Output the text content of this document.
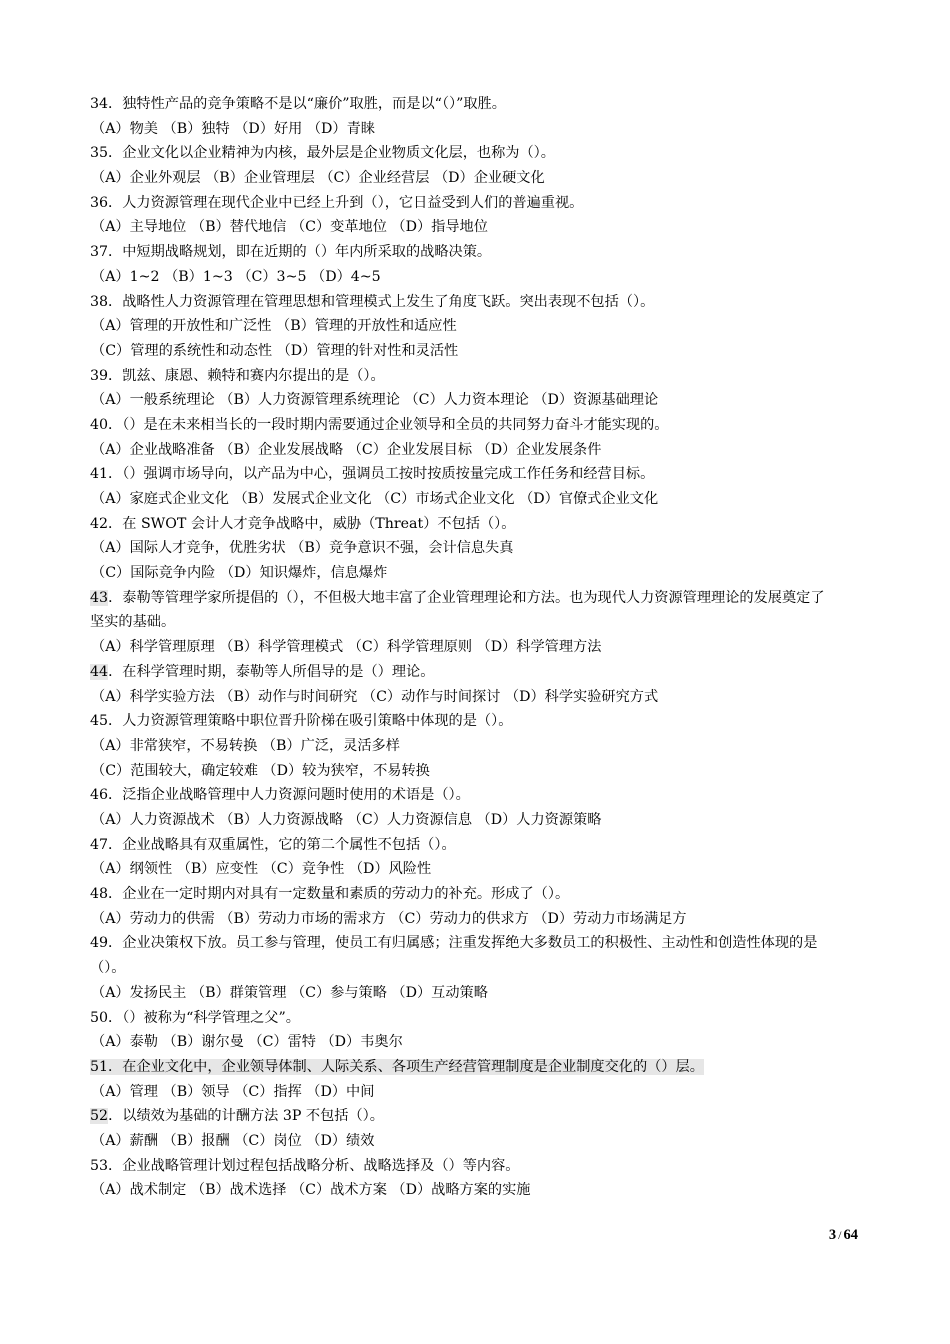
34．独特性产品的竞争策略不是以“廉价”取胜，而是以“（）”取胜。
（A）物美 （B）独特 （D）好用 （D）青睐
35．企业文化以企业精神为内核，最外层是企业物质文化层，也称为（）。
（A）企业外观层 （B）企业管理层 （C）企业经营层 （D）企业硬文化
36．人力资源管理在现代企业中已经上升到（），它日益受到人们的普遍重视。
（A）主导地位 （B）替代地信 （C）变革地位 （D）指导地位
37．中短期战略规划，即在近期的（）年内所采取的战略决策。
（A）1~2 （B）1~3 （C）3~5 （D）4~5
38．战略性人力资源管理在管理思想和管理模式上发生了角度飞跃。突出表现不包括（）。
（A）管理的开放性和广泛性 （B）管理的开放性和适应性
（C）管理的系统性和动态性 （D）管理的针对性和灵活性
39．凯兹、康恩、赖特和赛内尔提出的是（）。
（A）一般系统理论 （B）人力资源管理系统理论 （C）人力资本理论 （D）资源基础理论
40．（）是在未来相当长的一段时期内需要通过企业领导和全员的共同努力奋斗才能实现的。
（A）企业战略准备 （B）企业发展战略 （C）企业发展目标 （D）企业发展条件
41．（）强调市场导向，以产品为中心，强调员工按时按质按量完成工作任务和经营目标。
（A）家庭式企业文化 （B）发展式企业文化 （C）市场式企业文化 （D）官僚式企业文化
42．在 SWOT 会计人才竞争战略中，威胁（Threat）不包括（）。
（A）国际人才竞争，优胜劣状 （B）竞争意识不强，会计信息失真
（C）国际竞争内险 （D）知识爆炸，信息爆炸
43．泰勒等管理学家所提倡的（），不但极大地丰富了企业管理理论和方法。也为现代人力资源管理理论的发展奠定了坚实的基础。
（A）科学管理原理 （B）科学管理模式 （C）科学管理原则 （D）科学管理方法
44．在科学管理时期，泰勒等人所倡导的是（）理论。
（A）科学实验方法 （B）动作与时间研究 （C）动作与时间探讨 （D）科学实验研究方式
45．人力资源管理策略中职位晋升阶梯在吸引策略中体现的是（）。
（A）非常狭窄，不易转换 （B）广泛，灵活多样
（C）范围较大，确定较难 （D）较为狭窄，不易转换
46．泛指企业战略管理中人力资源问题时使用的术语是（）。
（A）人力资源战术 （B）人力资源战略 （C）人力资源信息 （D）人力资源策略
47．企业战略具有双重属性，它的第二个属性不包括（）。
（A）纲领性 （B）应变性 （C）竞争性 （D）风险性
48．企业在一定时期内对具有一定数量和素质的劳动力的补充。形成了（）。
（A）劳动力的供需 （B）劳动力市场的需求方 （C）劳动力的供求方 （D）劳动力市场满足方
49．企业决策权下放。员工参与管理，使员工有归属感；注重发挥绝大多数员工的积极性、主动性和创造性体现的是（）。
（A）发扬民主 （B）群策管理 （C）参与策略 （D）互动策略
50．（）被称为“科学管理之父”。
（A）泰勒 （B）谢尔曼 （C）雷特 （D）韦奥尔
51．在企业文化中，企业领导体制、人际关系、各项生产经营管理制度是企业制度交化的（）层。
（A）管理 （B）领导 （C）指挥 （D）中间
52．以绩效为基础的计酬方法 3P 不包括（）。
（A）薪酬 （B）报酬 （C）岗位 （D）绩效
53．企业战略管理计划过程包括战略分析、战略选择及（）等内容。
（A）战术制定 （B）战术选择 （C）战术方案 （D）战略方案的实施
3 / 64
